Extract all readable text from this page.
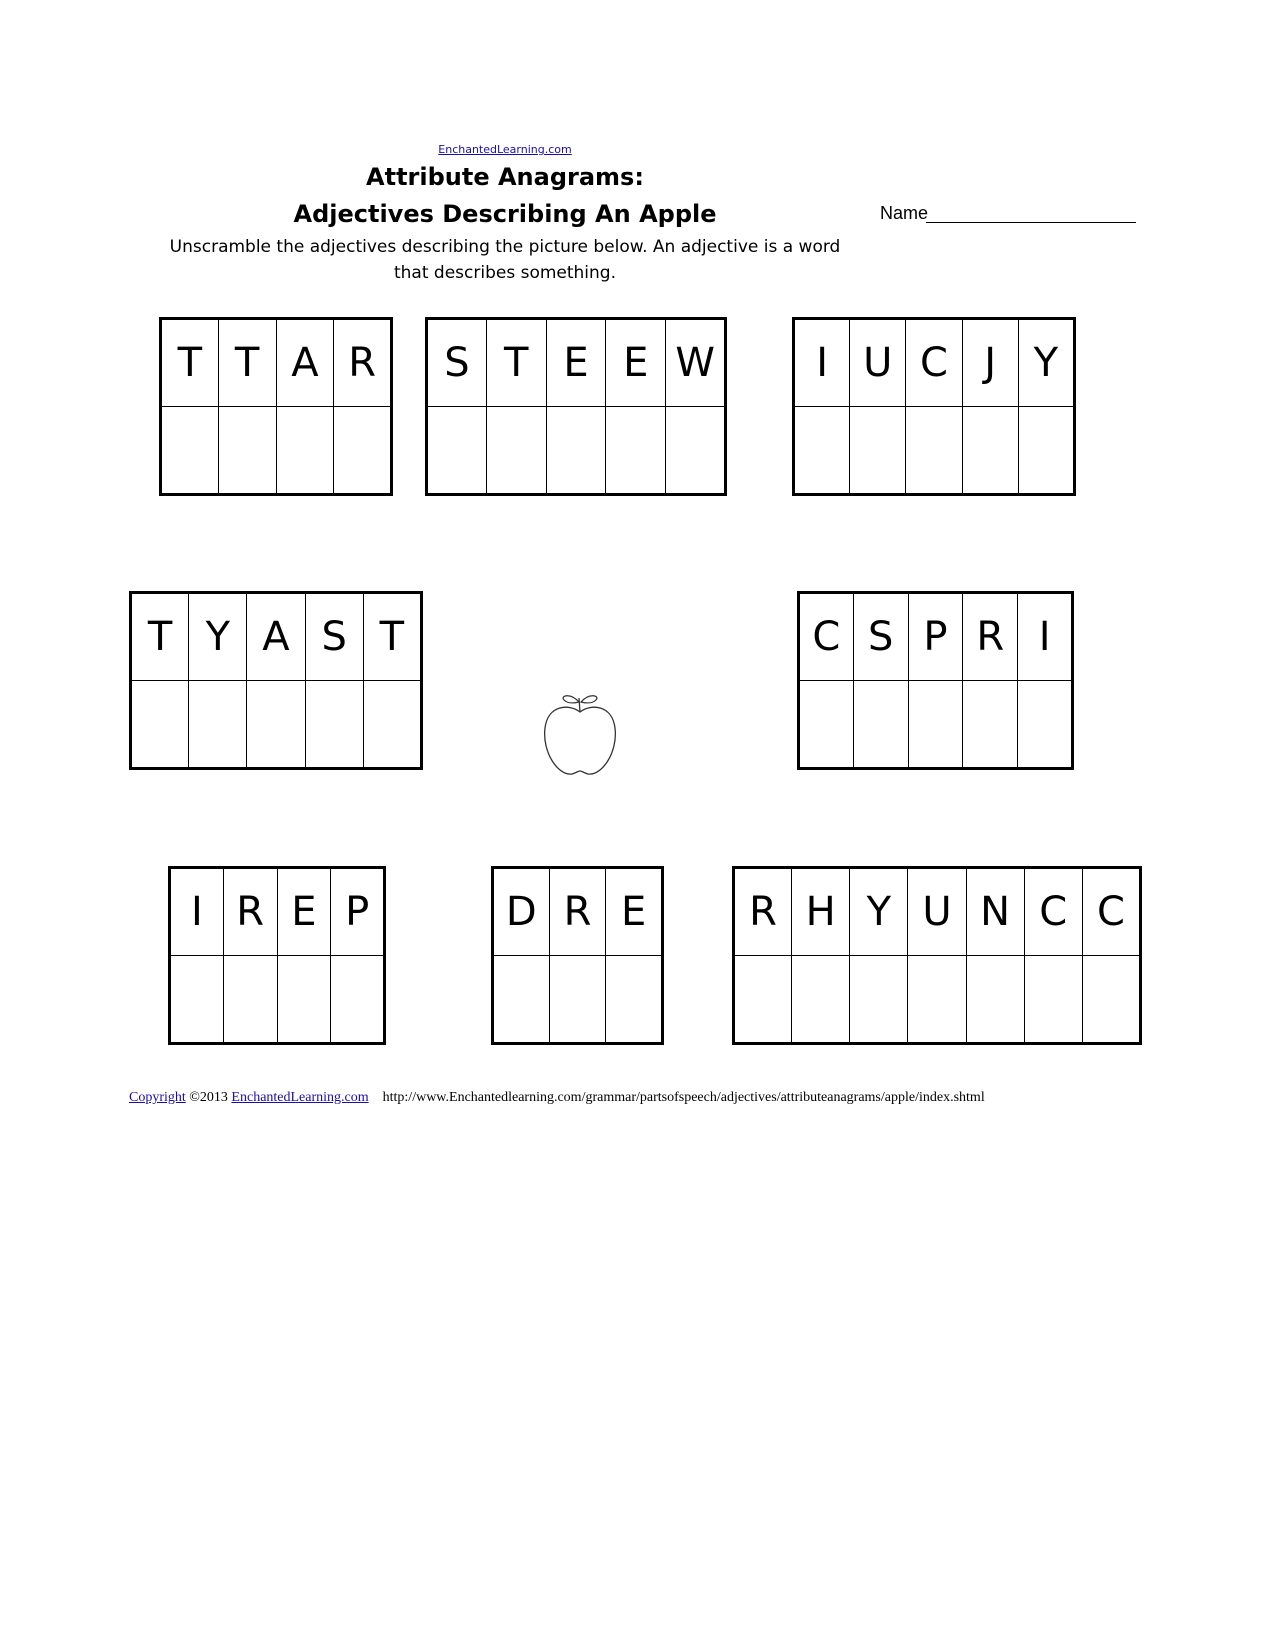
EnchantedLearning.com
Attribute Anagrams:
Adjectives Describing An Apple	Name
Unscramble the adjectives describing the picture below. An adjective is a word that describes something.
T	T	A	R
			S	T	E	E	W
					I	U	C	J	Y

T	Y	A	S	T
					C	S	P	R	I

I	R	E	P
				D	R	E
			R	H	Y	U	N	C	C

Copyright ©2013 EnchantedLearning.com http://www.Enchantedlearning.com/grammar/partsofspeech/adjectives/attributeanagrams/apple/index.shtml
